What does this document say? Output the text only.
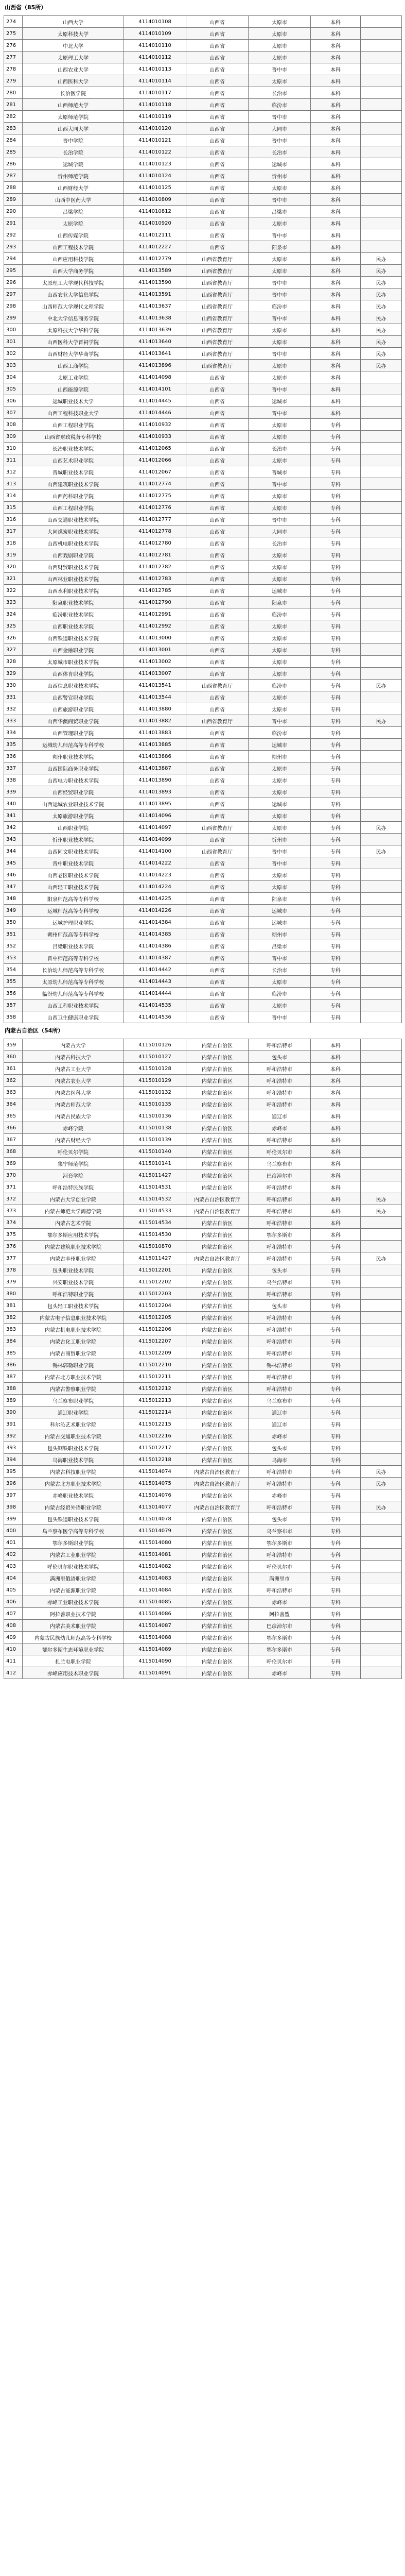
山西省（85所）
274	山西大学	4114010108	山西省	太原市	本科	
275	太原科技大学	4114010109	山西省	太原市	本科	
276	中北大学	4114010110	山西省	太原市	本科	
277	太原理工大学	4114010112	山西省	太原市	本科	
278	山西农业大学	4114010113	山西省	晋中市	本科	
279	山西医科大学	4114010114	山西省	太原市	本科	
280	长治医学院	4114010117	山西省	长治市	本科	
281	山西师范大学	4114010118	山西省	临汾市	本科	
282	太原师范学院	4114010119	山西省	晋中市	本科	
283	山西大同大学	4114010120	山西省	大同市	本科	
284	晋中学院	4114010121	山西省	晋中市	本科	
285	长治学院	4114010122	山西省	长治市	本科	
286	运城学院	4114010123	山西省	运城市	本科	
287	忻州师范学院	4114010124	山西省	忻州市	本科	
288	山西财经大学	4114010125	山西省	太原市	本科	
289	山西中医药大学	4114010809	山西省	晋中市	本科	
290	吕梁学院	4114010812	山西省	吕梁市	本科	
291	太原学院	4114010920	山西省	太原市	本科	
292	山西传媒学院	4114012111	山西省	晋中市	本科	
293	山西工程技术学院	4114012227	山西省	阳泉市	本科	
294	山西应用科技学院	4114012779	山西省教育厅	太原市	本科	民办
295	山西大学商务学院	4114013589	山西省教育厅	太原市	本科	民办
296	太原理工大学现代科技学院	4114013590	山西省教育厅	晋中市	本科	民办
297	山西农业大学信息学院	4114013591	山西省教育厅	晋中市	本科	民办
298	山西师范大学现代文理学院	4114013637	山西省教育厅	临汾市	本科	民办
299	中北大学信息商务学院	4114013638	山西省教育厅	晋中市	本科	民办
300	太原科技大学华科学院	4114013639	山西省教育厅	太原市	本科	民办
301	山西医科大学晋祠学院	4114013640	山西省教育厅	太原市	本科	民办
302	山西财经大学华商学院	4114013641	山西省教育厅	晋中市	本科	民办
303	山西工商学院	4114013896	山西省教育厅	太原市	本科	民办
304	太原工业学院	4114014098	山西省	太原市	本科	
305	山西能源学院	4114014101	山西省	晋中市	本科	
306	运城职业技术大学	4114014445	山西省	运城市	本科	
307	山西工程科技职业大学	4114014446	山西省	晋中市	本科	
308	山西工程职业学院	4114010932	山西省	太原市	专科	
309	山西省财政税务专科学校	4114010933	山西省	太原市	专科	
310	长治职业技术学院	4114012065	山西省	长治市	专科	
311	山西艺术职业学院	4114012066	山西省	太原市	专科	
312	晋城职业技术学院	4114012067	山西省	晋城市	专科	
313	山西建筑职业技术学院	4114012774	山西省	晋中市	专科	
314	山西药科职业学院	4114012775	山西省	太原市	专科	
315	山西工程职业学院	4114012776	山西省	太原市	专科	
316	山西交通职业技术学院	4114012777	山西省	晋中市	专科	
317	大同煤炭职业技术学院	4114012778	山西省	大同市	专科	
318	山西机电职业技术学院	4114012780	山西省	长治市	专科	
319	山西戏剧职业学院	4114012781	山西省	太原市	专科	
320	山西财贸职业技术学院	4114012782	山西省	太原市	专科	
321	山西林业职业技术学院	4114012783	山西省	太原市	专科	
322	山西水利职业技术学院	4114012785	山西省	运城市	专科	
323	阳泉职业技术学院	4114012790	山西省	阳泉市	专科	
324	临汾职业技术学院	4114012991	山西省	临汾市	专科	
325	山西职业技术学院	4114012992	山西省	太原市	专科	
326	山西铁道职业技术学院	4114013000	山西省	太原市	专科	
327	山西金融职业学院	4114013001	山西省	太原市	专科	
328	太原城市职业技术学院	4114013002	山西省	太原市	专科	
329	山西体育职业学院	4114013007	山西省	太原市	专科	
330	山西信息职业技术学院	4114013541	山西省教育厅	临汾市	专科	民办
331	山西警官职业学院	4114013544	山西省	太原市	专科	
332	山西旅游职业学院	4114013880	山西省	太原市	专科	
333	山西华澳商贸职业学院	4114013882	山西省教育厅	晋中市	专科	民办
334	山西管理职业学院	4114013883	山西省	临汾市	专科	
335	运城幼儿师范高等专科学校	4114013885	山西省	运城市	专科	
336	朔州职业技术学院	4114013886	山西省	朔州市	专科	
337	山西国际商务职业学院	4114013887	山西省	太原市	专科	
338	山西电力职业技术学院	4114013890	山西省	太原市	专科	
339	山西经贸职业学院	4114013893	山西省	太原市	专科	
340	山西运城农业职业技术学院	4114013895	山西省	运城市	专科	
341	太原旅游职业学院	4114014096	山西省	太原市	专科	
342	山西职业学院	4114014097	山西省教育厅	太原市	专科	民办
343	忻州职业技术学院	4114014099	山西省	忻州市	专科	
344	山西同文职业技术学院	4114014100	山西省教育厅	晋中市	专科	民办
345	晋中职业技术学院	4114014222	山西省	晋中市	专科	
346	山西老区职业技术学院	4114014223	山西省	太原市	专科	
347	山西轻工职业技术学院	4114014224	山西省	太原市	专科	
348	阳泉师范高等专科学校	4114014225	山西省	阳泉市	专科	
349	运城师范高等专科学校	4114014226	山西省	运城市	专科	
350	运城护理职业学院	4114014384	山西省	运城市	专科	
351	朔州师范高等专科学校	4114014385	山西省	朔州市	专科	
352	吕梁职业技术学院	4114014386	山西省	吕梁市	专科	
353	晋中师范高等专科学校	4114014387	山西省	晋中市	专科	
354	长治幼儿师范高等专科学校	4114014442	山西省	长治市	专科	
355	太原幼儿师范高等专科学校	4114014443	山西省	太原市	专科	
356	临汾幼儿师范高等专科学校	4114014444	山西省	临汾市	专科	
357	山西工程职业技术学院	4114014535	山西省	太原市	专科	
358	山西卫生健康职业学院	4114014536	山西省	晋中市	专科	
内蒙古自治区（54所）
359	内蒙古大学	4115010126	内蒙古自治区	呼和浩特市	本科	
360	内蒙古科技大学	4115010127	内蒙古自治区	包头市	本科	
361	内蒙古工业大学	4115010128	内蒙古自治区	呼和浩特市	本科	
362	内蒙古农业大学	4115010129	内蒙古自治区	呼和浩特市	本科	
363	内蒙古医科大学	4115010132	内蒙古自治区	呼和浩特市	本科	
364	内蒙古师范大学	4115010135	内蒙古自治区	呼和浩特市	本科	
365	内蒙古民族大学	4115010136	内蒙古自治区	通辽市	本科	
366	赤峰学院	4115010138	内蒙古自治区	赤峰市	本科	
367	内蒙古财经大学	4115010139	内蒙古自治区	呼和浩特市	本科	
368	呼伦贝尔学院	4115010140	内蒙古自治区	呼伦贝尔市	本科	
369	集宁师范学院	4115010141	内蒙古自治区	乌兰察布市	本科	
370	河套学院	4115011427	内蒙古自治区	巴彦淖尔市	本科	
371	呼和浩特民族学院	4115014531	内蒙古自治区	呼和浩特市	本科	
372	内蒙古大学创业学院	4115014532	内蒙古自治区教育厅	呼和浩特市	本科	民办
373	内蒙古师范大学鸿德学院	4115014533	内蒙古自治区教育厅	呼和浩特市	本科	民办
374	内蒙古艺术学院	4115014534	内蒙古自治区	呼和浩特市	本科	
375	鄂尔多斯应用技术学院	4115014530	内蒙古自治区	鄂尔多斯市	本科	
376	内蒙古建筑职业技术学院	4115010870	内蒙古自治区	呼和浩特市	专科	
377	内蒙古丰州职业学院	4115011427	内蒙古自治区教育厅	呼和浩特市	专科	民办
378	包头职业技术学院	4115012201	内蒙古自治区	包头市	专科	
379	兴安职业技术学院	4115012202	内蒙古自治区	乌兰浩特市	专科	
380	呼和浩特职业学院	4115012203	内蒙古自治区	呼和浩特市	专科	
381	包头轻工职业技术学院	4115012204	内蒙古自治区	包头市	专科	
382	内蒙古电子信息职业技术学院	4115012205	内蒙古自治区	呼和浩特市	专科	
383	内蒙古机电职业技术学院	4115012206	内蒙古自治区	呼和浩特市	专科	
384	内蒙古化工职业学院	4115012207	内蒙古自治区	呼和浩特市	专科	
385	内蒙古商贸职业学院	4115012209	内蒙古自治区	呼和浩特市	专科	
386	锡林郭勒职业学院	4115012210	内蒙古自治区	锡林浩特市	专科	
387	内蒙古北方职业技术学院	4115012211	内蒙古自治区	呼和浩特市	专科	
388	内蒙古警察职业学院	4115012212	内蒙古自治区	呼和浩特市	专科	
389	乌兰察布职业学院	4115012213	内蒙古自治区	乌兰察布市	专科	
390	通辽职业学院	4115012214	内蒙古自治区	通辽市	专科	
391	科尔沁艺术职业学院	4115012215	内蒙古自治区	通辽市	专科	
392	内蒙古交通职业技术学院	4115012216	内蒙古自治区	赤峰市	专科	
393	包头钢铁职业技术学院	4115012217	内蒙古自治区	包头市	专科	
394	乌海职业技术学院	4115012218	内蒙古自治区	乌海市	专科	
395	内蒙古科技职业学院	4115014074	内蒙古自治区教育厅	呼和浩特市	专科	民办
396	内蒙古北方职业技术学院	4115014075	内蒙古自治区教育厅	呼和浩特市	专科	民办
397	赤峰职业技术学院	4115014076	内蒙古自治区	赤峰市	专科	
398	内蒙古经贸外语职业学院	4115014077	内蒙古自治区教育厅	呼和浩特市	专科	民办
399	包头铁道职业技术学院	4115014078	内蒙古自治区	包头市	专科	
400	乌兰察布医学高等专科学校	4115014079	内蒙古自治区	乌兰察布市	专科	
401	鄂尔多斯职业学院	4115014080	内蒙古自治区	鄂尔多斯市	专科	
402	内蒙古工业职业学院	4115014081	内蒙古自治区	呼和浩特市	专科	
403	呼伦贝尔职业技术学院	4115014082	内蒙古自治区	呼伦贝尔市	专科	
404	满洲里俄语职业学院	4115014083	内蒙古自治区	满洲里市	专科	
405	内蒙古能源职业学院	4115014084	内蒙古自治区	呼和浩特市	专科	
406	赤峰工业职业技术学院	4115014085	内蒙古自治区	赤峰市	专科	
407	阿拉善职业技术学院	4115014086	内蒙古自治区	阿拉善盟	专科	
408	内蒙古美术职业学院	4115014087	内蒙古自治区	巴彦淖尔市	专科	
409	内蒙古民族幼儿师范高等专科学校	4115014088	内蒙古自治区	鄂尔多斯市	专科	
410	鄂尔多斯生态环境职业学院	4115014089	内蒙古自治区	鄂尔多斯市	专科	
411	扎兰屯职业学院	4115014090	内蒙古自治区	呼伦贝尔市	专科	
412	赤峰应用技术职业学院	4115014091	内蒙古自治区	赤峰市	专科	
